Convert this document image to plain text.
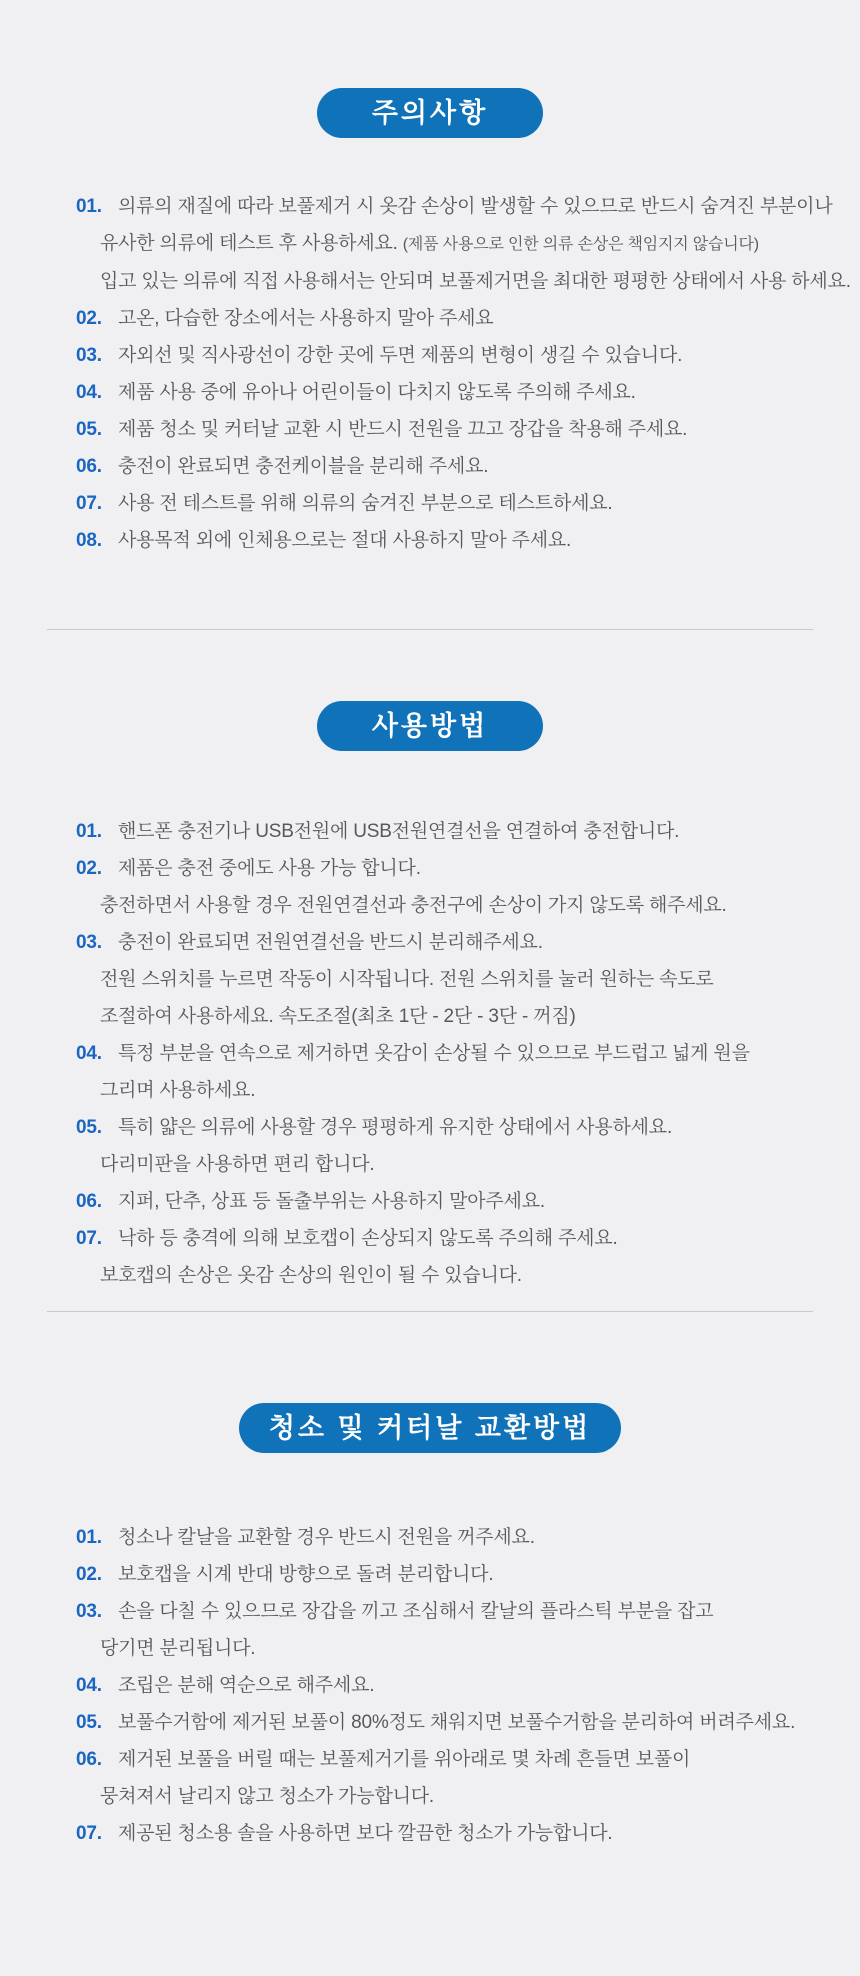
주의사항
01. 의류의 재질에 따라 보풀제거 시 옷감 손상이 발생할 수 있으므로 반드시 숨겨진 부분이나
유사한 의류에 테스트 후 사용하세요. (제품 사용으로 인한 의류 손상은 책임지지 않습니다)
입고 있는 의류에 직접 사용해서는 안되며 보풀제거면을 최대한 평평한 상태에서 사용 하세요.
02. 고온, 다습한 장소에서는 사용하지 말아 주세요
03. 자외선 및 직사광선이 강한 곳에 두면 제품의 변형이 생길 수 있습니다.
04. 제품 사용 중에 유아나 어린이들이 다치지 않도록 주의해 주세요.
05. 제품 청소 및 커터날 교환 시 반드시 전원을 끄고 장갑을 착용해 주세요.
06. 충전이 완료되면 충전케이블을 분리해 주세요.
07. 사용 전 테스트를 위해 의류의 숨겨진 부분으로 테스트하세요.
08. 사용목적 외에 인체용으로는 절대 사용하지 말아 주세요.
사용방법
01. 핸드폰 충전기나 USB전원에 USB전원연결선을 연결하여 충전합니다.
02. 제품은 충전 중에도 사용 가능 합니다.
충전하면서 사용할 경우 전원연결선과 충전구에 손상이 가지 않도록 해주세요.
03. 충전이 완료되면 전원연결선을 반드시 분리해주세요.
전원 스위치를 누르면 작동이 시작됩니다. 전원 스위치를 눌러 원하는 속도로
조절하여 사용하세요. 속도조절(최초 1단 - 2단 - 3단 - 꺼짐)
04. 특정 부분을 연속으로 제거하면 옷감이 손상될 수 있으므로 부드럽고 넓게 원을
그리며 사용하세요.
05. 특히 얇은 의류에 사용할 경우 평평하게 유지한 상태에서 사용하세요.
다리미판을 사용하면 편리 합니다.
06. 지퍼, 단추, 상표 등 돌출부위는 사용하지 말아주세요.
07. 낙하 등 충격에 의해 보호캡이 손상되지 않도록 주의해 주세요.
보호캡의 손상은 옷감 손상의 원인이 될 수 있습니다.
청소 및 커터날 교환방법
01. 청소나 칼날을 교환할 경우 반드시 전원을 꺼주세요.
02. 보호캡을 시계 반대 방향으로 돌려 분리합니다.
03. 손을 다칠 수 있으므로 장갑을 끼고 조심해서 칼날의 플라스틱 부분을 잡고
당기면 분리됩니다.
04. 조립은 분해 역순으로 해주세요.
05. 보풀수거함에 제거된 보풀이 80%정도 채워지면 보풀수거함을 분리하여 버려주세요.
06. 제거된 보풀을 버릴 때는 보풀제거기를 위아래로 몇 차례 흔들면 보풀이
뭉쳐져서 날리지 않고 청소가 가능합니다.
07. 제공된 청소용 솔을 사용하면 보다 깔끔한 청소가 가능합니다.
